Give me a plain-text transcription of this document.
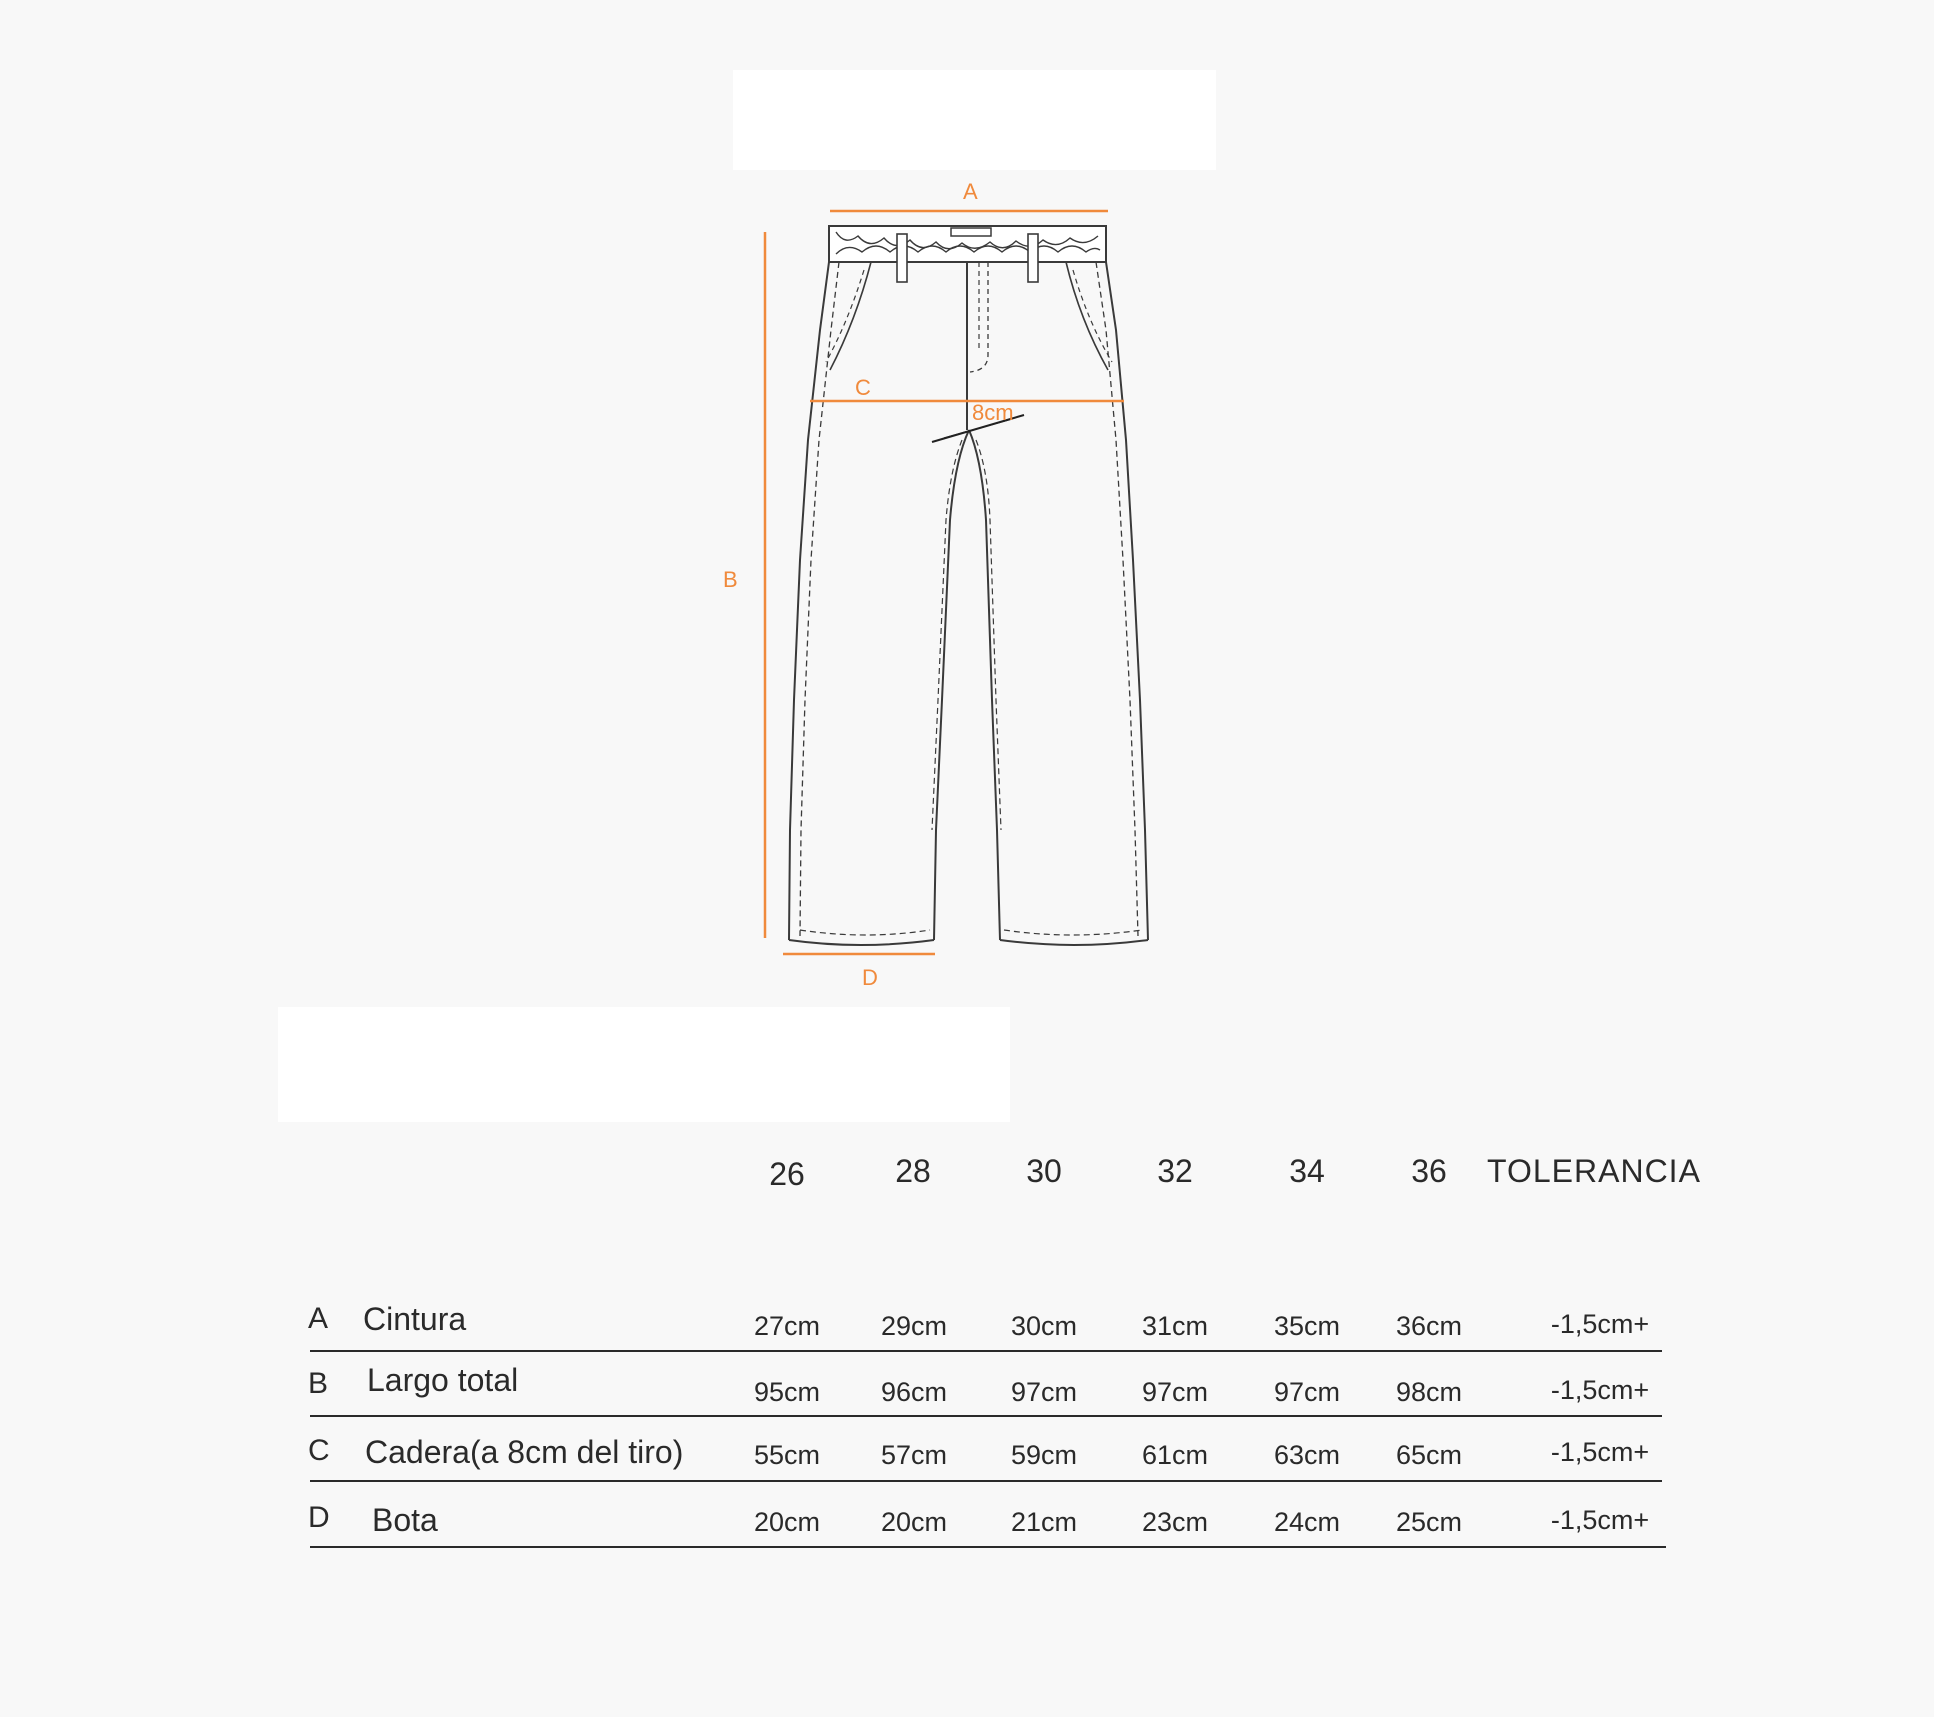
A
B
C
8cm
D
26	28	30	32	34	36	TOLERANCIA
A Cintura	27cm	29cm	30cm	31cm	35cm	36cm	-1,5cm+
B Largo total	95cm	96cm	97cm	97cm	97cm	98cm	-1,5cm+
C Cadera(a 8cm del tiro)	55cm	57cm	59cm	61cm	63cm	65cm	-1,5cm+
D Bota	20cm	20cm	21cm	23cm	24cm	25cm	-1,5cm+
